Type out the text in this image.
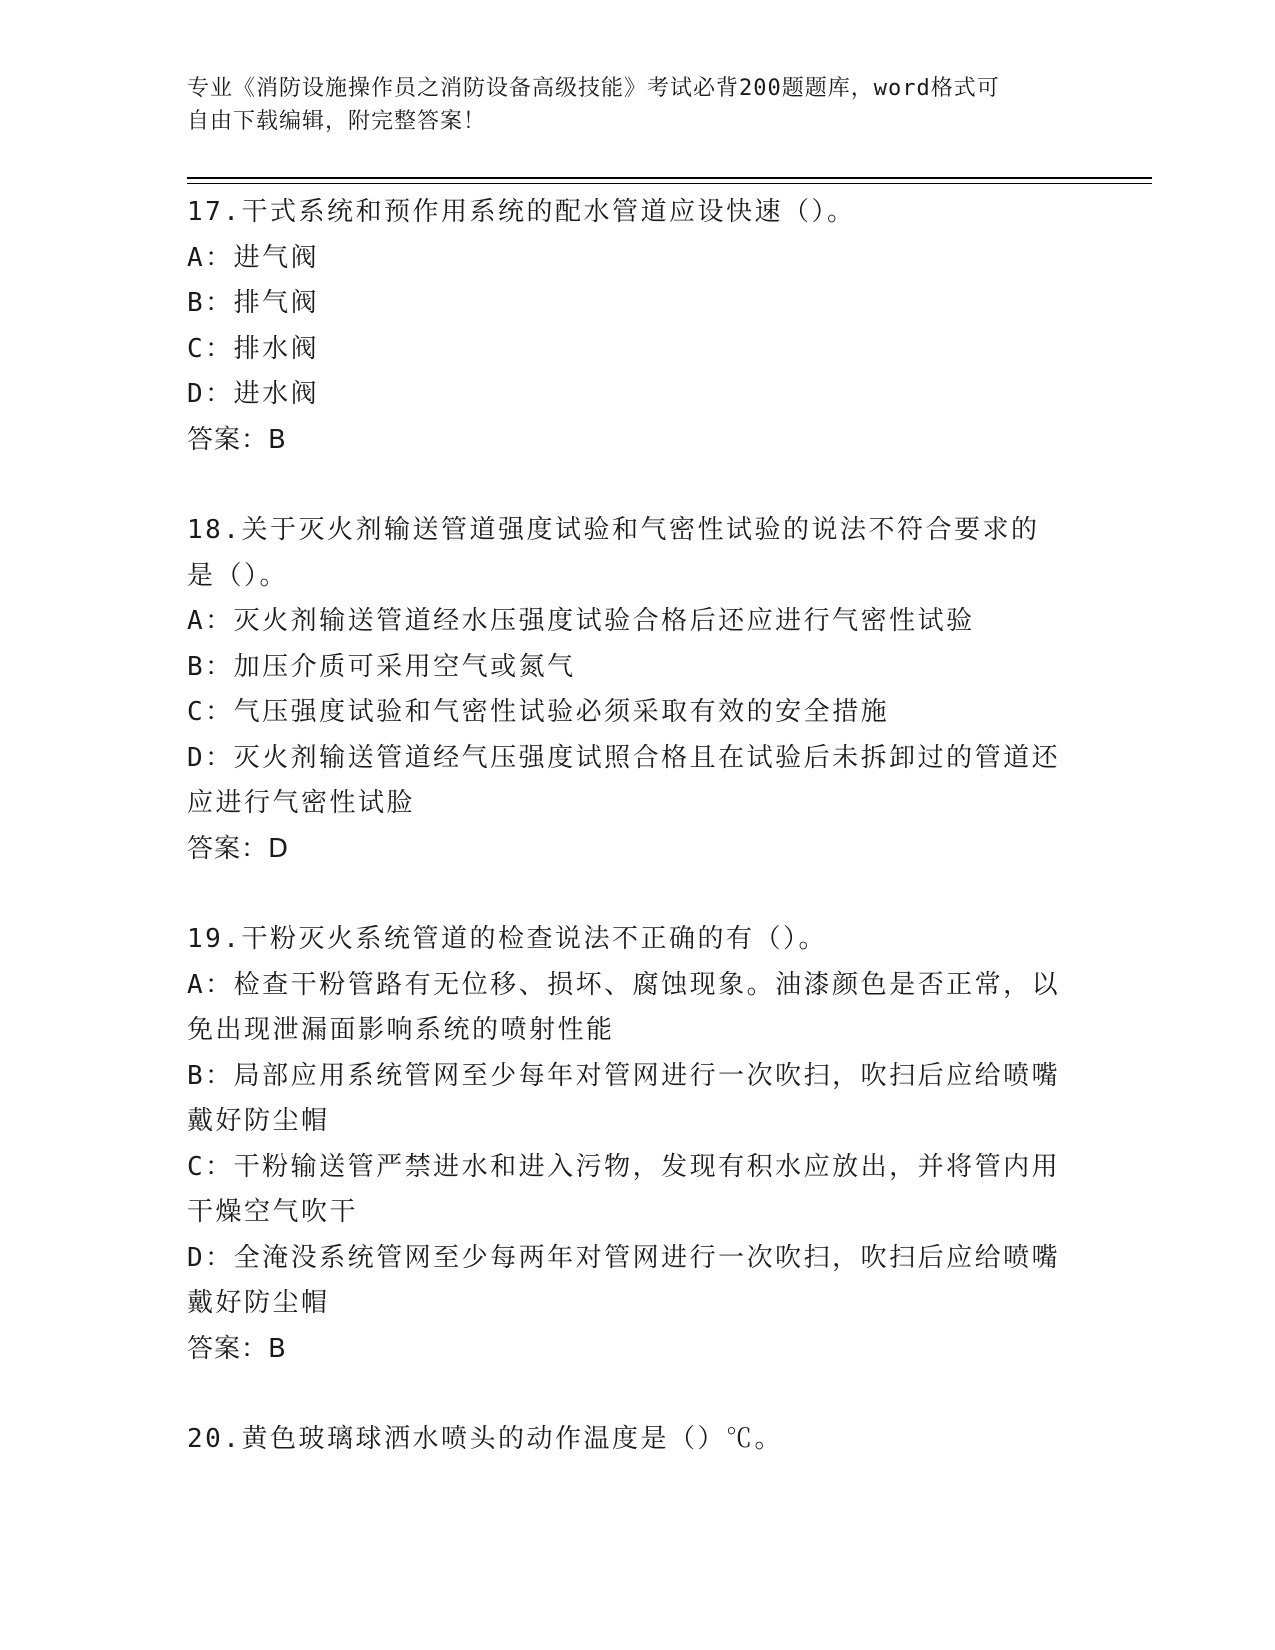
专业《消防设施操作员之消防设备高级技能》考试必背200题题库，word格式可
自由下载编辑，附完整答案！
17.干式系统和预作用系统的配水管道应设快速（）。
A：进气阀
B：排气阀
C：排水阀
D：进水阀
答案：B
18.关于灭火剂输送管道强度试验和气密性试验的说法不符合要求的是（）。
A：灭火剂输送管道经水压强度试验合格后还应进行气密性试验
B：加压介质可采用空气或氮气
C：气压强度试验和气密性试验必须采取有效的安全措施
D：灭火剂输送管道经气压强度试照合格且在试验后未拆卸过的管道还应进行气密性试脸
答案：D
19.干粉灭火系统管道的检查说法不正确的有（）。
A：检查干粉管路有无位移、损坏、腐蚀现象。油漆颜色是否正常，以免出现泄漏面影响系统的喷射性能
B：局部应用系统管网至少每年对管网进行一次吹扫，吹扫后应给喷嘴戴好防尘帽
C：干粉输送管严禁进水和进入污物，发现有积水应放出，并将管内用干燥空气吹干
D：全淹没系统管网至少每两年对管网进行一次吹扫，吹扫后应给喷嘴戴好防尘帽
答案：B
20.黄色玻璃球洒水喷头的动作温度是（）℃。
